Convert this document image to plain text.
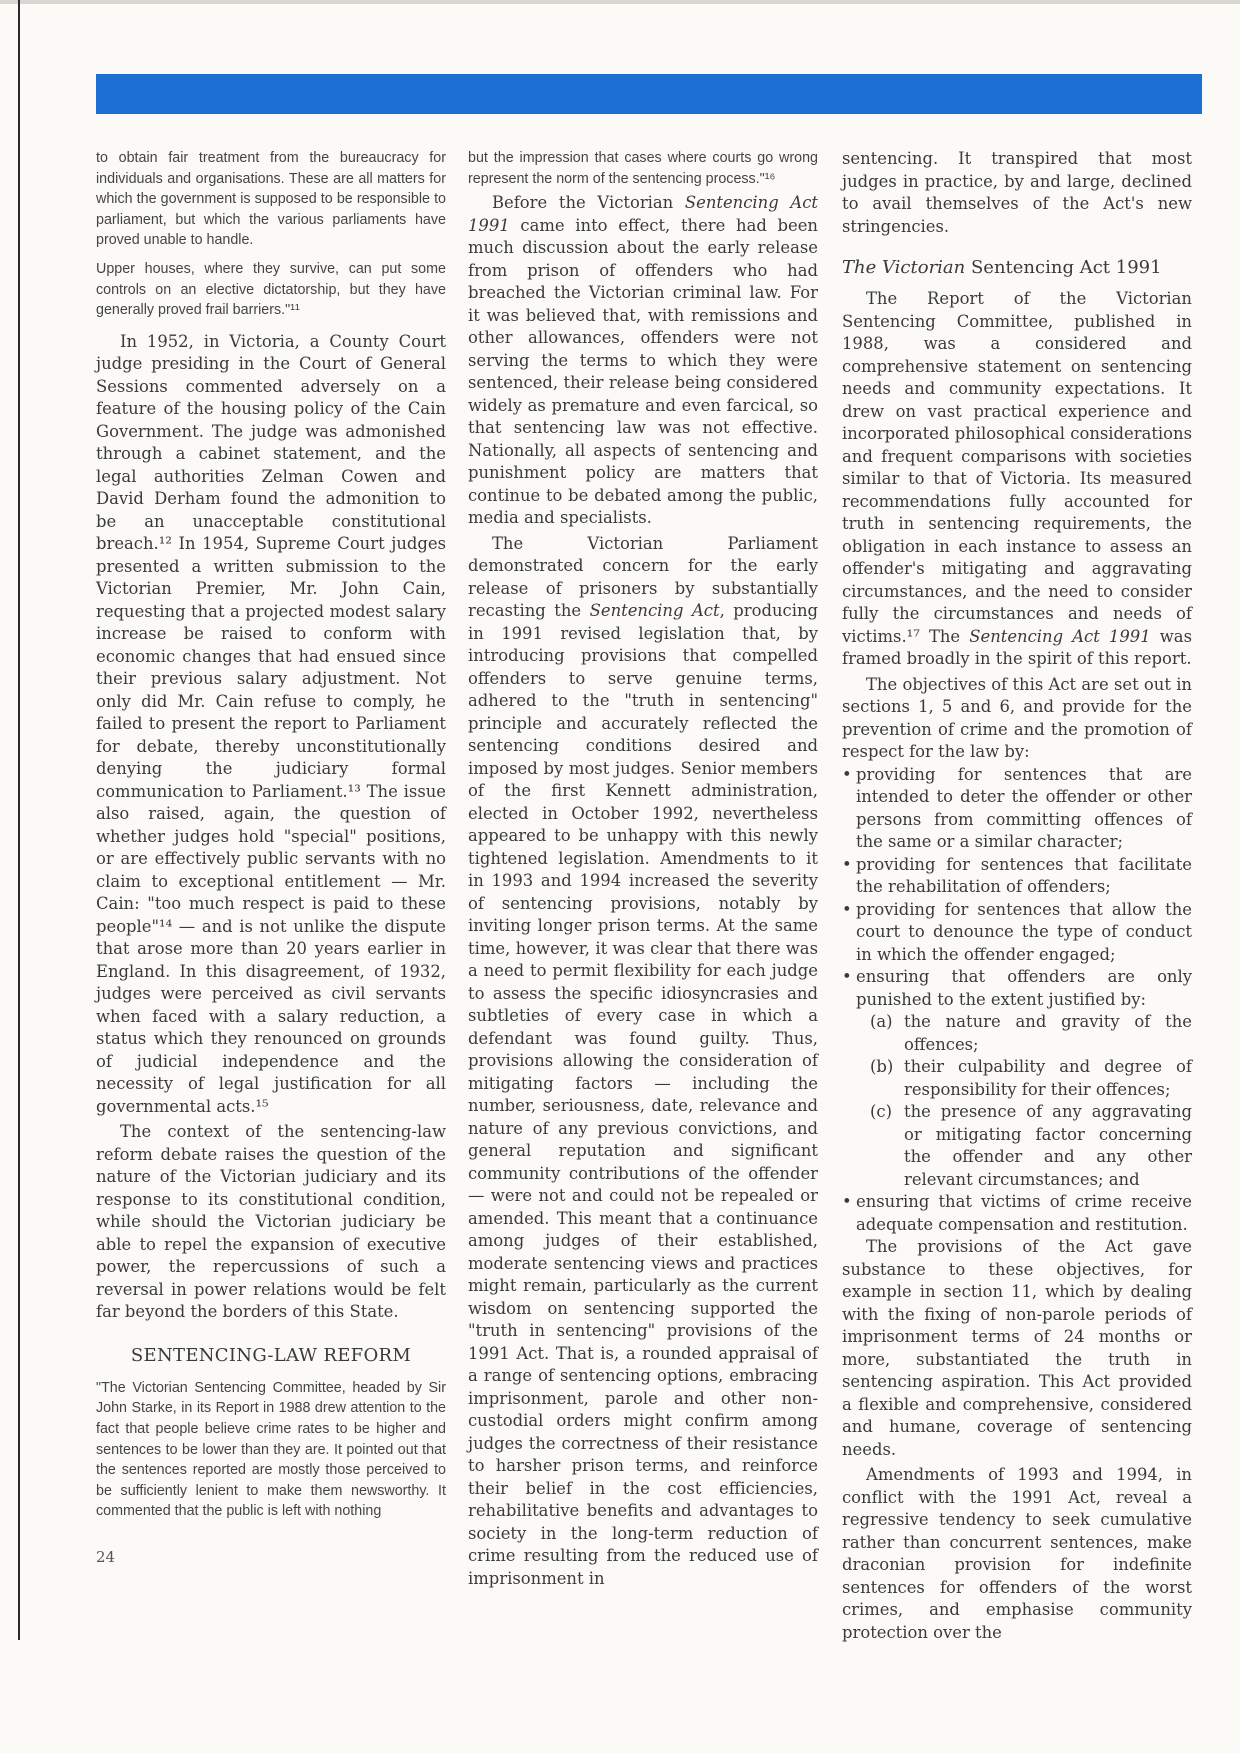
to obtain fair treatment from the bureaucracy for individuals and organisations. These are all matters for which the government is supposed to be responsible to parliament, but which the various parliaments have proved unable to handle.

Upper houses, where they survive, can put some controls on an elective dictatorship, but they have generally proved frail barriers."¹¹

In 1952, in Victoria, a County Court judge presiding in the Court of General Sessions commented adversely on a feature of the housing policy of the Cain Government. The judge was admonished through a cabinet statement, and the legal authorities Zelman Cowen and David Derham found the admonition to be an unacceptable constitutional breach.¹² In 1954, Supreme Court judges presented a written submission to the Victorian Premier, Mr. John Cain, requesting that a projected modest salary increase be raised to conform with economic changes that had ensued since their previous salary adjustment. Not only did Mr. Cain refuse to comply, he failed to present the report to Parliament for debate, thereby unconstitutionally denying the judiciary formal communication to Parliament.¹³ The issue also raised, again, the question of whether judges hold "special" positions, or are effectively public servants with no claim to exceptional entitlement — Mr. Cain: "too much respect is paid to these people"¹⁴ — and is not unlike the dispute that arose more than 20 years earlier in England. In this disagreement, of 1932, judges were perceived as civil servants when faced with a salary reduction, a status which they renounced on grounds of judicial independence and the necessity of legal justification for all governmental acts.¹⁵

The context of the sentencing-law reform debate raises the question of the nature of the Victorian judiciary and its response to its constitutional condition, while should the Victorian judiciary be able to repel the expansion of executive power, the repercussions of such a reversal in power relations would be felt far beyond the borders of this State.

SENTENCING-LAW REFORM

"The Victorian Sentencing Committee, headed by Sir John Starke, in its Report in 1988 drew attention to the fact that people believe crime rates to be higher and sentences to be lower than they are. It pointed out that the sentences reported are mostly those perceived to be sufficiently lenient to make them newsworthy. It commented that the public is left with nothing

but the impression that cases where courts go wrong represent the norm of the sentencing process."¹⁶

Before the Victorian Sentencing Act 1991 came into effect, there had been much discussion about the early release from prison of offenders who had breached the Victorian criminal law. For it was believed that, with remissions and other allowances, offenders were not serving the terms to which they were sentenced, their release being considered widely as premature and even farcical, so that sentencing law was not effective. Nationally, all aspects of sentencing and punishment policy are matters that continue to be debated among the public, media and specialists.

The Victorian Parliament demonstrated concern for the early release of prisoners by substantially recasting the Sentencing Act, producing in 1991 revised legislation that, by introducing provisions that compelled offenders to serve genuine terms, adhered to the "truth in sentencing" principle and accurately reflected the sentencing conditions desired and imposed by most judges. Senior members of the first Kennett administration, elected in October 1992, nevertheless appeared to be unhappy with this newly tightened legislation. Amendments to it in 1993 and 1994 increased the severity of sentencing provisions, notably by inviting longer prison terms. At the same time, however, it was clear that there was a need to permit flexibility for each judge to assess the specific idiosyncrasies and subtleties of every case in which a defendant was found guilty. Thus, provisions allowing the consideration of mitigating factors — including the number, seriousness, date, relevance and nature of any previous convictions, and general reputation and significant community contributions of the offender — were not and could not be repealed or amended. This meant that a continuance among judges of their established, moderate sentencing views and practices might remain, particularly as the current wisdom on sentencing supported the "truth in sentencing" provisions of the 1991 Act. That is, a rounded appraisal of a range of sentencing options, embracing imprisonment, parole and other non-custodial orders might confirm among judges the correctness of their resistance to harsher prison terms, and reinforce their belief in the cost efficiencies, rehabilitative benefits and advantages to society in the long-term reduction of crime resulting from the reduced use of imprisonment in

sentencing. It transpired that most judges in practice, by and large, declined to avail themselves of the Act's new stringencies.

The Victorian Sentencing Act 1991

The Report of the Victorian Sentencing Committee, published in 1988, was a considered and comprehensive statement on sentencing needs and community expectations. It drew on vast practical experience and incorporated philosophical considerations and frequent comparisons with societies similar to that of Victoria. Its measured recommendations fully accounted for truth in sentencing requirements, the obligation in each instance to assess an offender's mitigating and aggravating circumstances, and the need to consider fully the circumstances and needs of victims.¹⁷ The Sentencing Act 1991 was framed broadly in the spirit of this report.

The objectives of this Act are set out in sections 1, 5 and 6, and provide for the prevention of crime and the promotion of respect for the law by:

• providing for sentences that are intended to deter the offender or other persons from committing offences of the same or a similar character;
• providing for sentences that facilitate the rehabilitation of offenders;
• providing for sentences that allow the court to denounce the type of conduct in which the offender engaged;
• ensuring that offenders are only punished to the extent justified by:
(a) the nature and gravity of the offences;
(b) their culpability and degree of responsibility for their offences;
(c) the presence of any aggravating or mitigating factor concerning the offender and any other relevant circumstances; and
• ensuring that victims of crime receive adequate compensation and restitution.

The provisions of the Act gave substance to these objectives, for example in section 11, which by dealing with the fixing of non-parole periods of imprisonment terms of 24 months or more, substantiated the truth in sentencing aspiration. This Act provided a flexible and comprehensive, considered and humane, coverage of sentencing needs.

Amendments of 1993 and 1994, in conflict with the 1991 Act, reveal a regressive tendency to seek cumulative rather than concurrent sentences, make draconian provision for indefinite sentences for offenders of the worst crimes, and emphasise community protection over the

24
